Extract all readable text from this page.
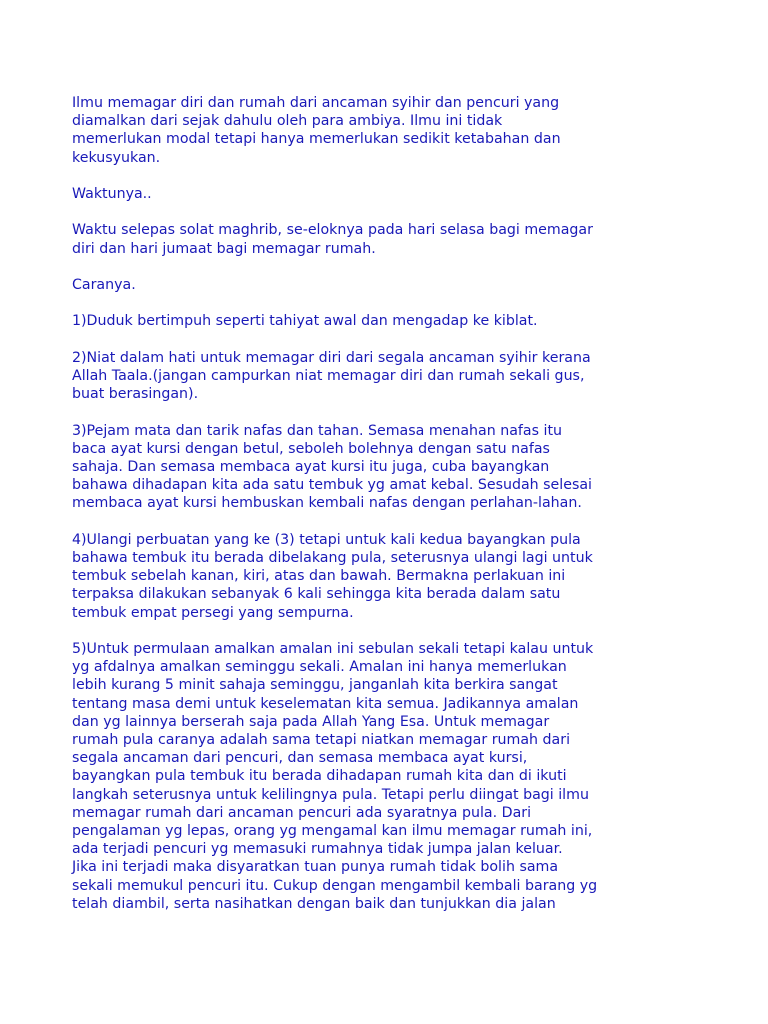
Ilmu memagar diri dan rumah dari ancaman syihir dan pencuri yang
diamalkan dari sejak dahulu oleh para ambiya. Ilmu ini tidak
memerlukan modal tetapi hanya memerlukan sedikit ketabahan dan
kekusyukan.

Waktunya..

Waktu selepas solat maghrib, se-eloknya pada hari selasa bagi memagar
diri dan hari jumaat bagi memagar rumah.

Caranya.

1)Duduk bertimpuh seperti tahiyat awal dan mengadap ke kiblat.

2)Niat dalam hati untuk memagar diri dari segala ancaman syihir kerana
Allah Taala.(jangan campurkan niat memagar diri dan rumah sekali gus,
buat berasingan).

3)Pejam mata dan tarik nafas dan tahan. Semasa menahan nafas itu
baca ayat kursi dengan betul, seboleh bolehnya dengan satu nafas
sahaja. Dan semasa membaca ayat kursi itu juga, cuba bayangkan
bahawa dihadapan kita ada satu tembuk yg amat kebal. Sesudah selesai
membaca ayat kursi hembuskan kembali nafas dengan perlahan-lahan.

4)Ulangi perbuatan yang ke (3) tetapi untuk kali kedua bayangkan pula
bahawa tembuk itu berada dibelakang pula, seterusnya ulangi lagi untuk
tembuk sebelah kanan, kiri, atas dan bawah. Bermakna perlakuan ini
terpaksa dilakukan sebanyak 6 kali sehingga kita berada dalam satu
tembuk empat persegi yang sempurna.

5)Untuk permulaan amalkan amalan ini sebulan sekali tetapi kalau untuk
yg afdalnya amalkan seminggu sekali. Amalan ini hanya memerlukan
lebih kurang 5 minit sahaja seminggu, janganlah kita berkira sangat
tentang masa demi untuk keselematan kita semua. Jadikannya amalan
dan yg lainnya berserah saja pada Allah Yang Esa. Untuk memagar
rumah pula caranya adalah sama tetapi niatkan memagar rumah dari
segala ancaman dari pencuri, dan semasa membaca ayat kursi,
bayangkan pula tembuk itu berada dihadapan rumah kita dan di ikuti
langkah seterusnya untuk kelilingnya pula. Tetapi perlu diingat bagi ilmu
memagar rumah dari ancaman pencuri ada syaratnya pula. Dari
pengalaman yg lepas, orang yg mengamal kan ilmu memagar rumah ini,
ada terjadi pencuri yg memasuki rumahnya tidak jumpa jalan keluar.
Jika ini terjadi maka disyaratkan tuan punya rumah tidak bolih sama
sekali memukul pencuri itu. Cukup dengan mengambil kembali barang yg
telah diambil, serta nasihatkan dengan baik dan tunjukkan dia jalan
